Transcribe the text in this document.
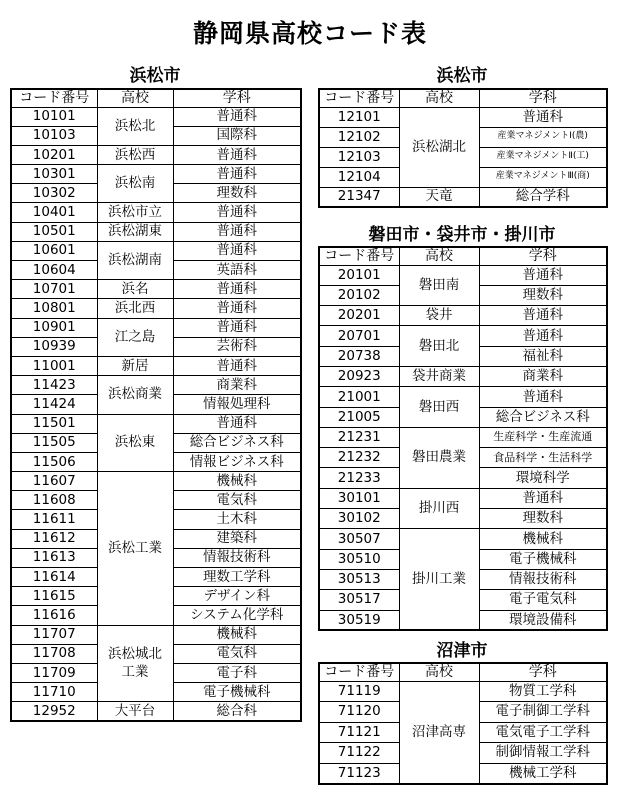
静岡県高校コード表
浜松市	浜松市
磐田市・袋井市・掛川市
沼津市
コード番号	高校	学科
10101	浜松北	普通科
10103		国際科
10201	浜松西	普通科
10301	浜松南	普通科
10302		理数科
10401	浜松市立	普通科
10501	浜松湖東	普通科
10601	浜松湖南	普通科
10604		英語科
10701	浜名	普通科
10801	浜北西	普通科
10901	江之島	普通科
10939		芸術科
11001	新居	普通科
11423	浜松商業	商業科
11424		情報処理科
11501	浜松東	普通科
11505		総合ビジネス科
11506		情報ビジネス科
11607	浜松工業	機械科
11608		電気科
11611		土木科
11612		建築科
11613		情報技術科
11614		理数工学科
11615		デザイン科
11616		システム化学科
11707	浜松城北工業	機械科
11708		電気科
11709		電子科
11710		電子機械科
12952	大平台	総合科
コード番号	高校	学科
12101	浜松湖北	普通科
12102		産業マネジメントⅠ(農)
12103		産業マネジメントⅡ(工)
12104		産業マネジメントⅢ(商)
21347	天竜	総合学科
コード番号	高校	学科
20101	磐田南	普通科
20102		理数科
20201	袋井	普通科
20701	磐田北	普通科
20738		福祉科
20923	袋井商業	商業科
21001	磐田西	普通科
21005		総合ビジネス科
21231	磐田農業	生産科学・生産流通
21232		食品科学・生活科学
21233		環境科学
30101	掛川西	普通科
30102		理数科
30507	掛川工業	機械科
30510		電子機械科
30513		情報技術科
30517		電子電気科
30519		環境設備科
コード番号	高校	学科
71119	沼津高専	物質工学科
71120		電子制御工学科
71121		電気電子工学科
71122		制御情報工学科
71123		機械工学科
